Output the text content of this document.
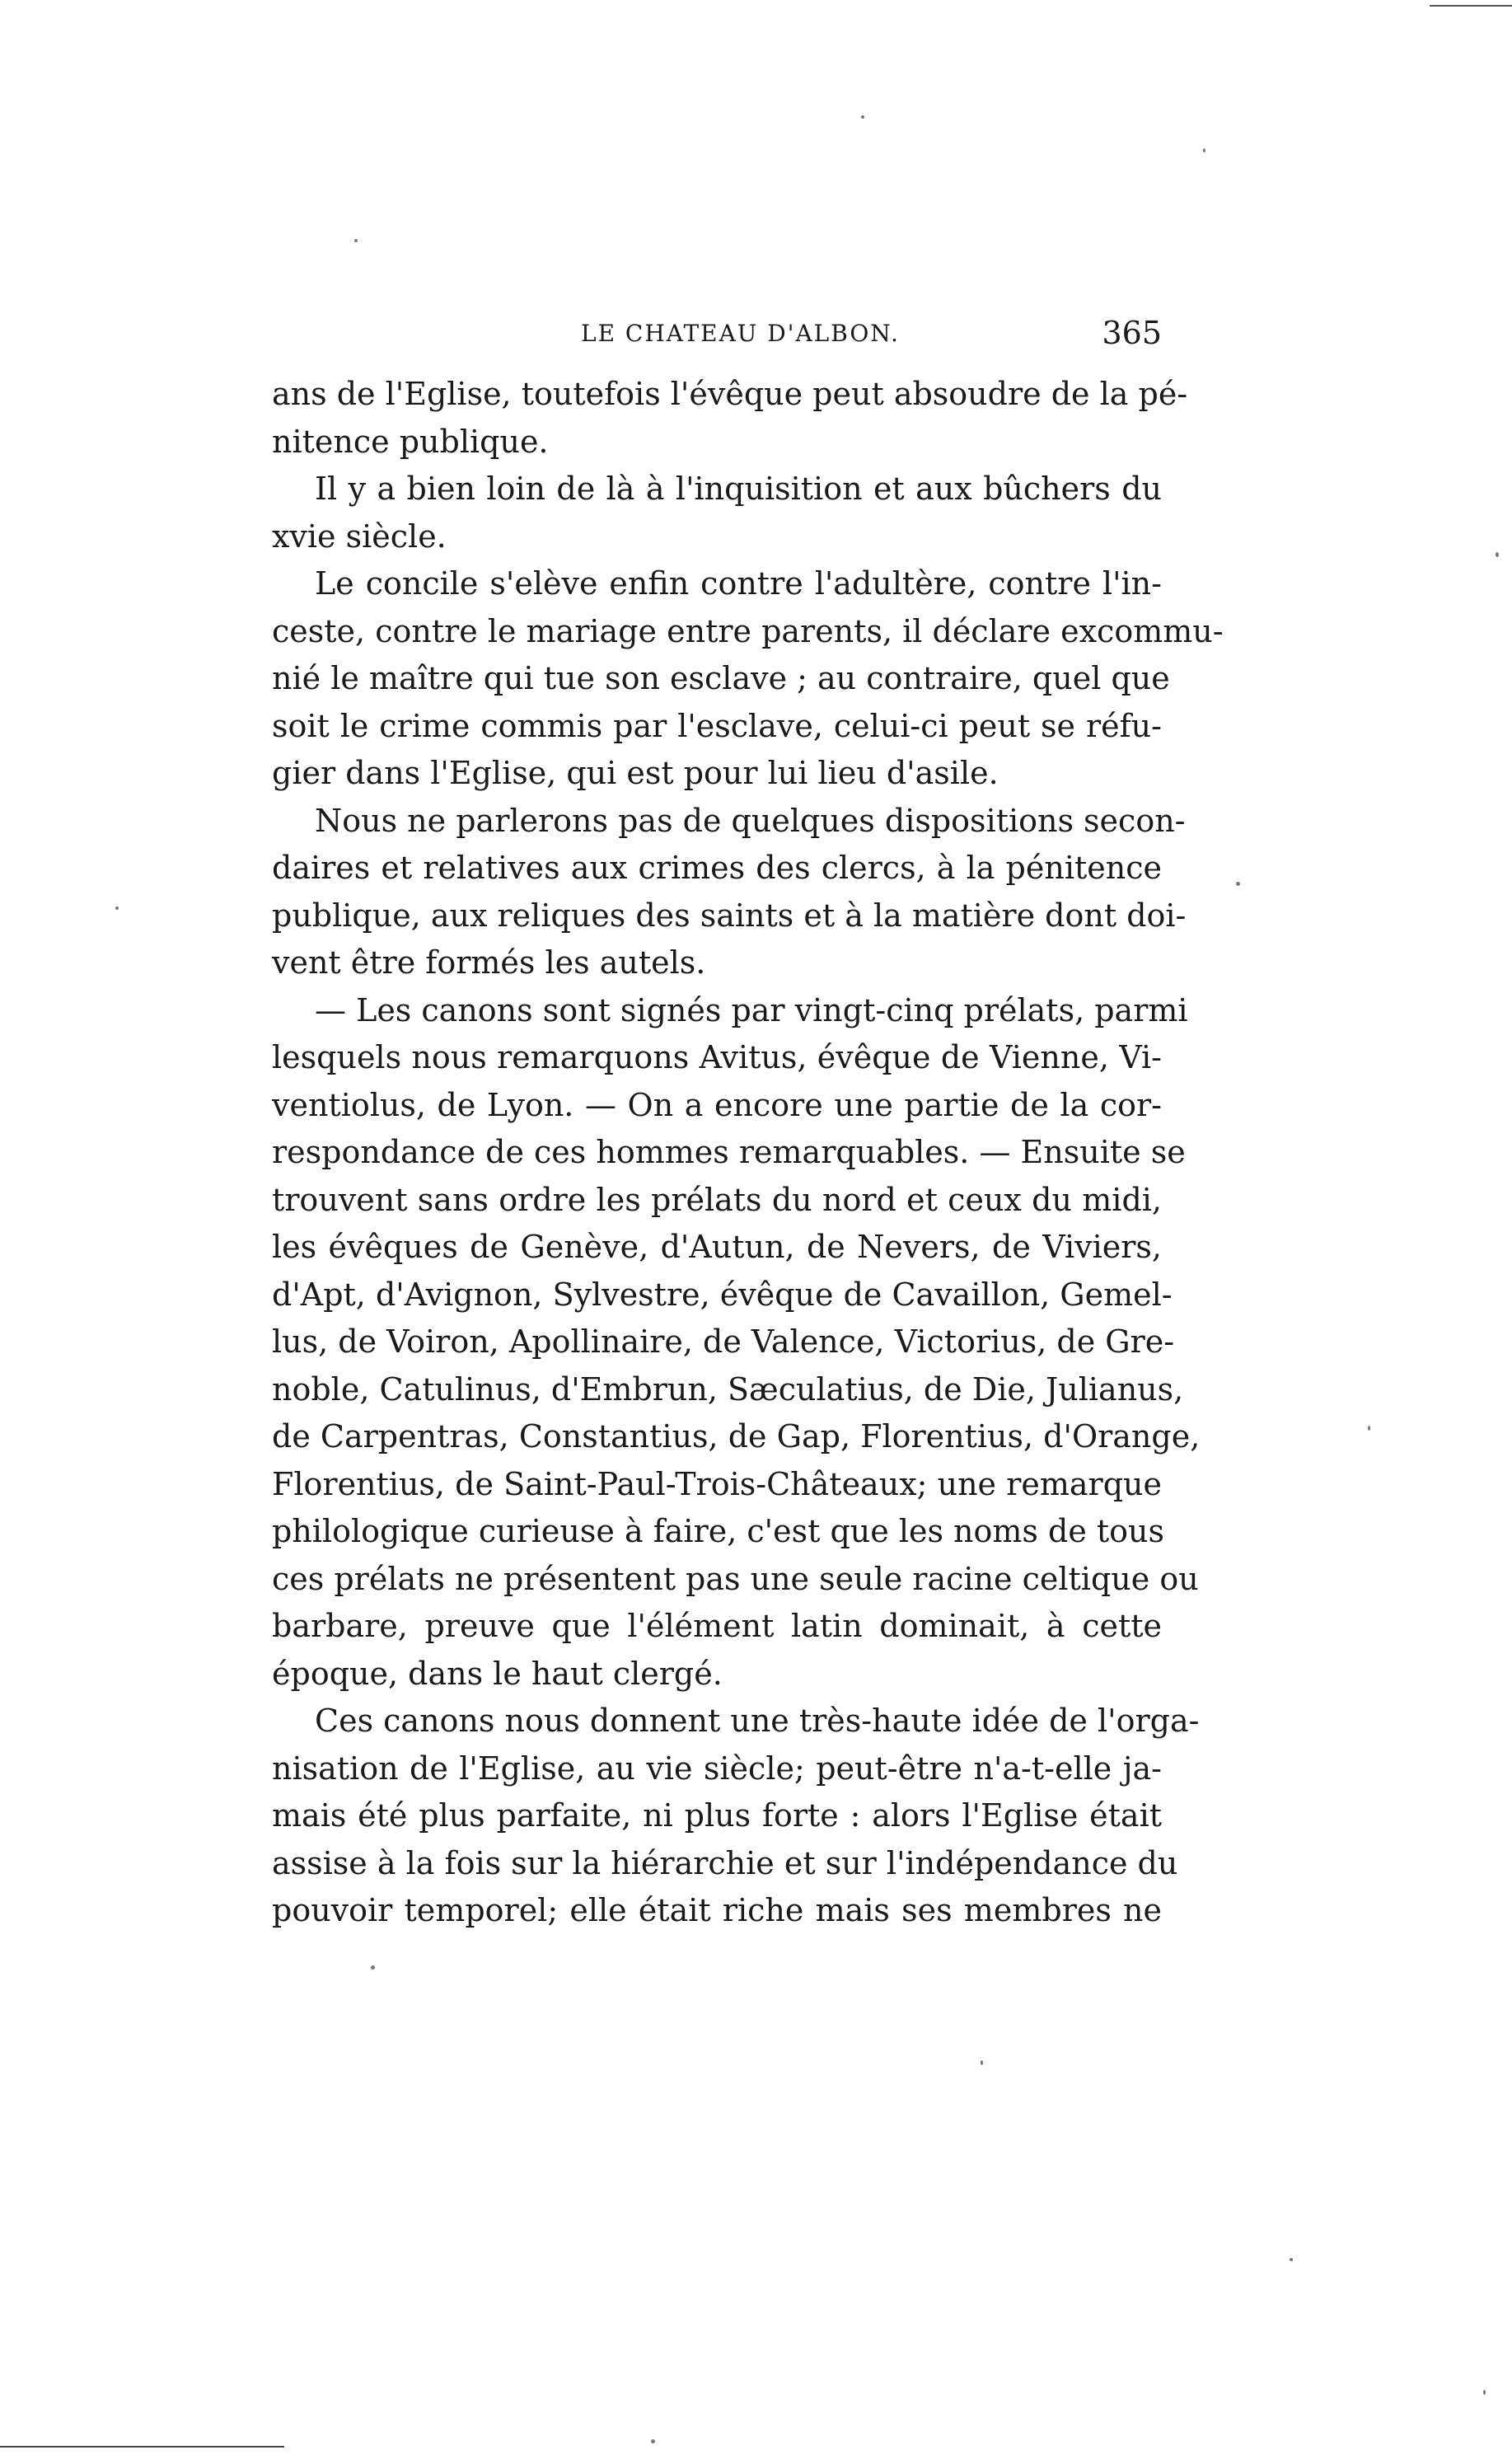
LE CHATEAU D'ALBON.	365
ans de l'Eglise, toutefois l'évêque peut absoudre de la pé-
nitence publique.
Il y a bien loin de là à l'inquisition et aux bûchers du
xvie siècle.
Le concile s'elève enfin contre l'adultère, contre l'in-
ceste, contre le mariage entre parents, il déclare excommu-
nié le maître qui tue son esclave ; au contraire, quel que
soit le crime commis par l'esclave, celui-ci peut se réfu-
gier dans l'Eglise, qui est pour lui lieu d'asile.
Nous ne parlerons pas de quelques dispositions secon-
daires et relatives aux crimes des clercs, à la pénitence
publique, aux reliques des saints et à la matière dont doi-
vent être formés les autels.
— Les canons sont signés par vingt-cinq prélats, parmi
lesquels nous remarquons Avitus, évêque de Vienne, Vi-
ventiolus, de Lyon. — On a encore une partie de la cor-
respondance de ces hommes remarquables. — Ensuite se
trouvent sans ordre les prélats du nord et ceux du midi,
les évêques de Genève, d'Autun, de Nevers, de Viviers,
d'Apt, d'Avignon, Sylvestre, évêque de Cavaillon, Gemel-
lus, de Voiron, Apollinaire, de Valence, Victorius, de Gre-
noble, Catulinus, d'Embrun, Sæculatius, de Die, Julianus,
de Carpentras, Constantius, de Gap, Florentius, d'Orange,
Florentius, de Saint-Paul-Trois-Châteaux; une remarque
philologique curieuse à faire, c'est que les noms de tous
ces prélats ne présentent pas une seule racine celtique ou
barbare, preuve que l'élément latin dominait, à cette
époque, dans le haut clergé.
Ces canons nous donnent une très-haute idée de l'orga-
nisation de l'Eglise, au vie siècle; peut-être n'a-t-elle ja-
mais été plus parfaite, ni plus forte : alors l'Eglise était
assise à la fois sur la hiérarchie et sur l'indépendance du
pouvoir temporel; elle était riche mais ses membres ne
